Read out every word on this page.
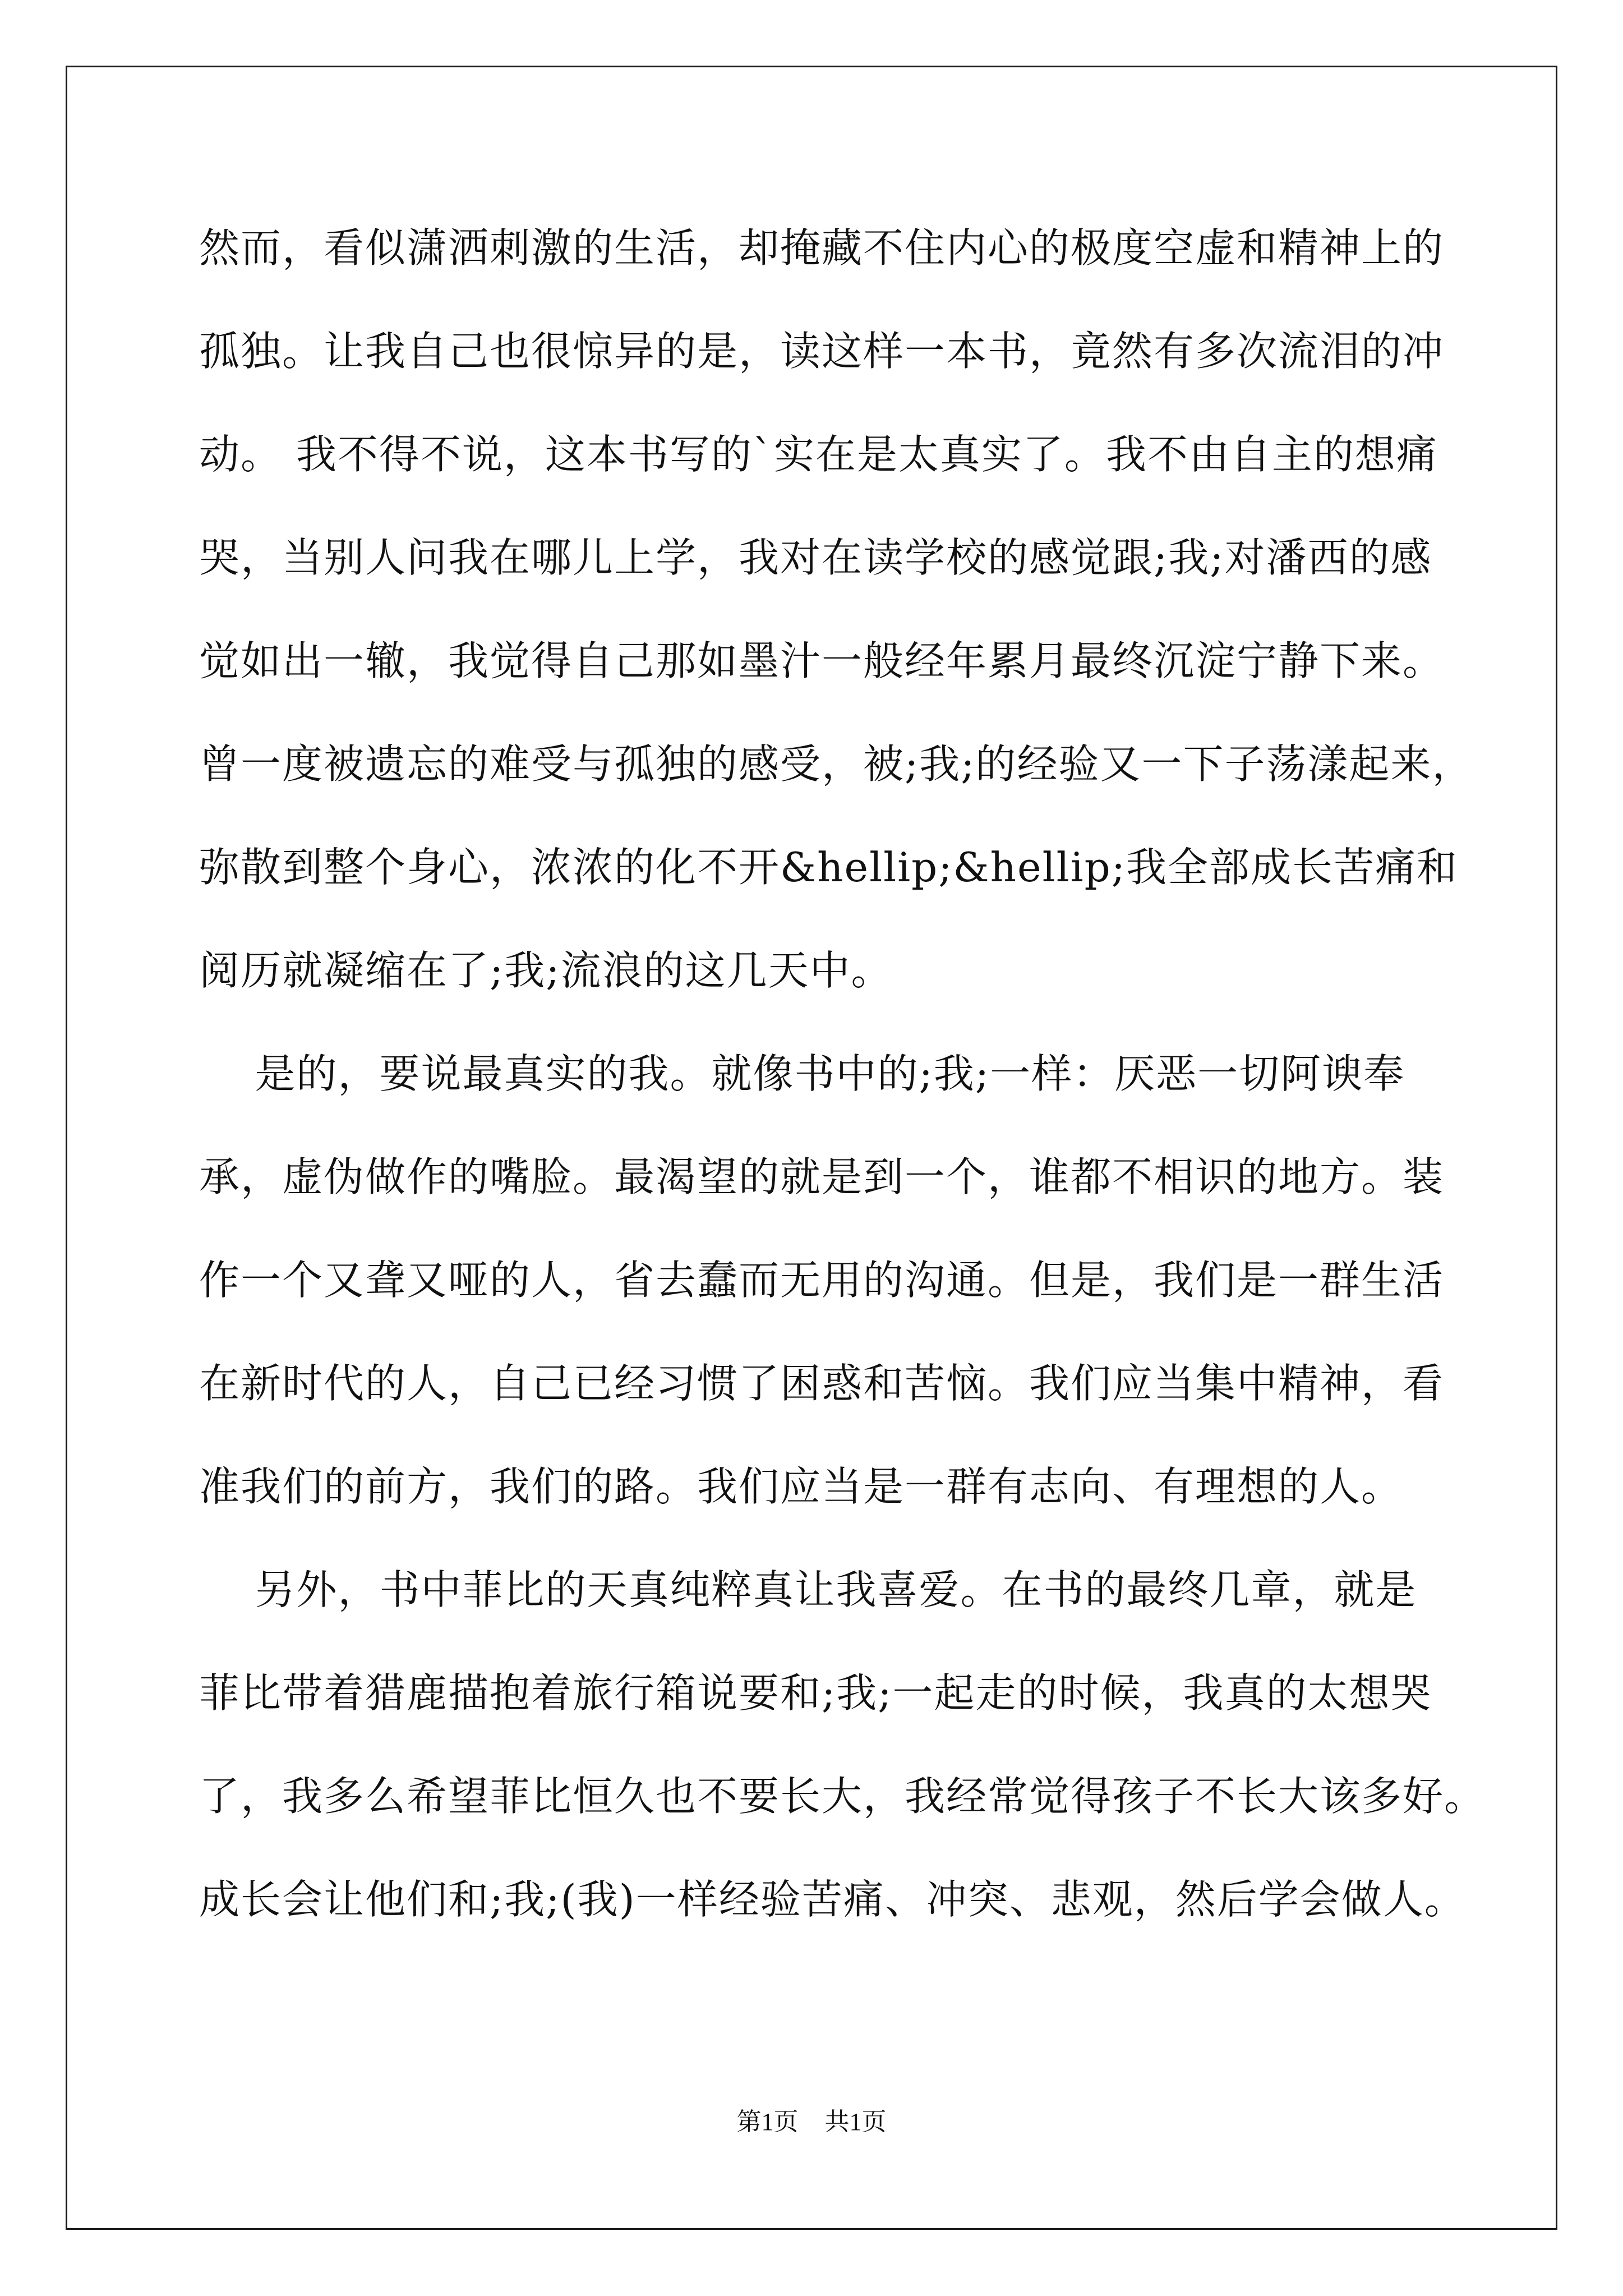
然而，看似潇洒刺激的生活，却掩藏不住内心的极度空虚和精神上的
孤独。让我自己也很惊异的是，读这样一本书，竟然有多次流泪的冲
动。 我不得不说，这本书写的`实在是太真实了。我不由自主的想痛
哭，当别人问我在哪儿上学，我对在读学校的感觉跟;我;对潘西的感
觉如出一辙，我觉得自己那如墨汁一般经年累月最终沉淀宁静下来。
曾一度被遗忘的难受与孤独的感受，被;我;的经验又一下子荡漾起来，
弥散到整个身心，浓浓的化不开&hellip;&hellip;我全部成长苦痛和
阅历就凝缩在了;我;流浪的这几天中。
是的，要说最真实的我。就像书中的;我;一样：厌恶一切阿谀奉
承，虚伪做作的嘴脸。最渴望的就是到一个，谁都不相识的地方。装
作一个又聋又哑的人，省去蠢而无用的沟通。但是，我们是一群生活
在新时代的人，自己已经习惯了困惑和苦恼。我们应当集中精神，看
准我们的前方，我们的路。我们应当是一群有志向、有理想的人。
另外，书中菲比的天真纯粹真让我喜爱。在书的最终几章，就是
菲比带着猎鹿描抱着旅行箱说要和;我;一起走的时候，我真的太想哭
了，我多么希望菲比恒久也不要长大，我经常觉得孩子不长大该多好。
成长会让他们和;我;(我)一样经验苦痛、冲突、悲观，然后学会做人。
第1页 共1页
